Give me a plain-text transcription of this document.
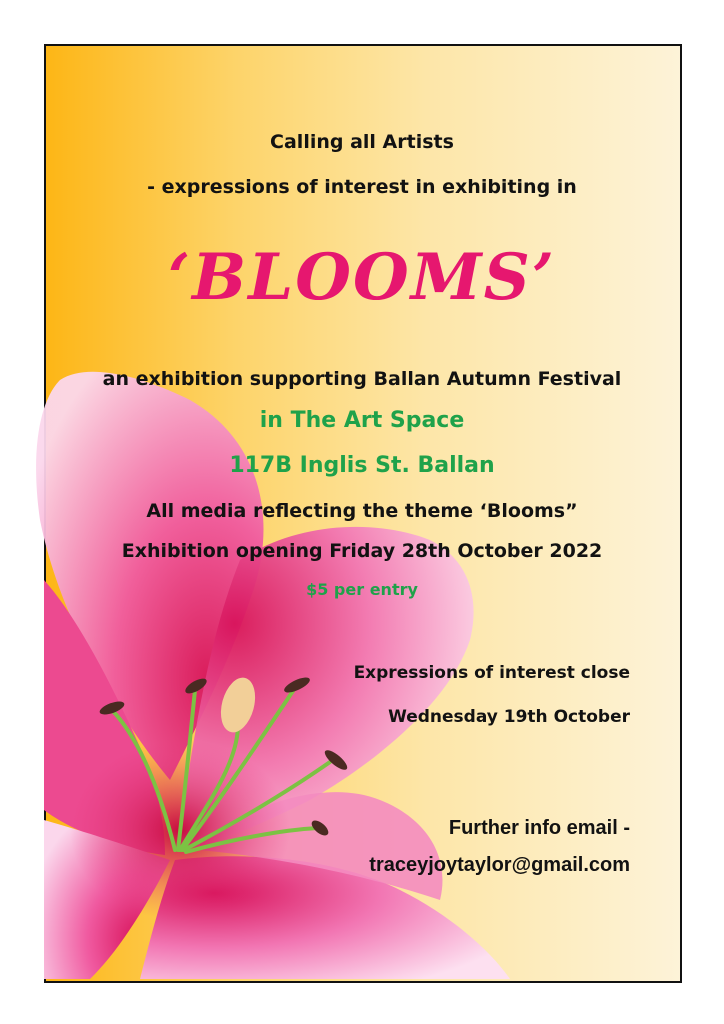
Calling all Artists
- expressions of interest in exhibiting in
‘BLOOMS’
an exhibition supporting Ballan Autumn Festival
in The Art Space
117B Inglis St. Ballan
All media reflecting the theme ‘Blooms”
Exhibition opening Friday 28th October 2022
$5 per entry
Expressions of interest close
Wednesday 19th October
Further info email -
traceyjoytaylor@gmail.com
